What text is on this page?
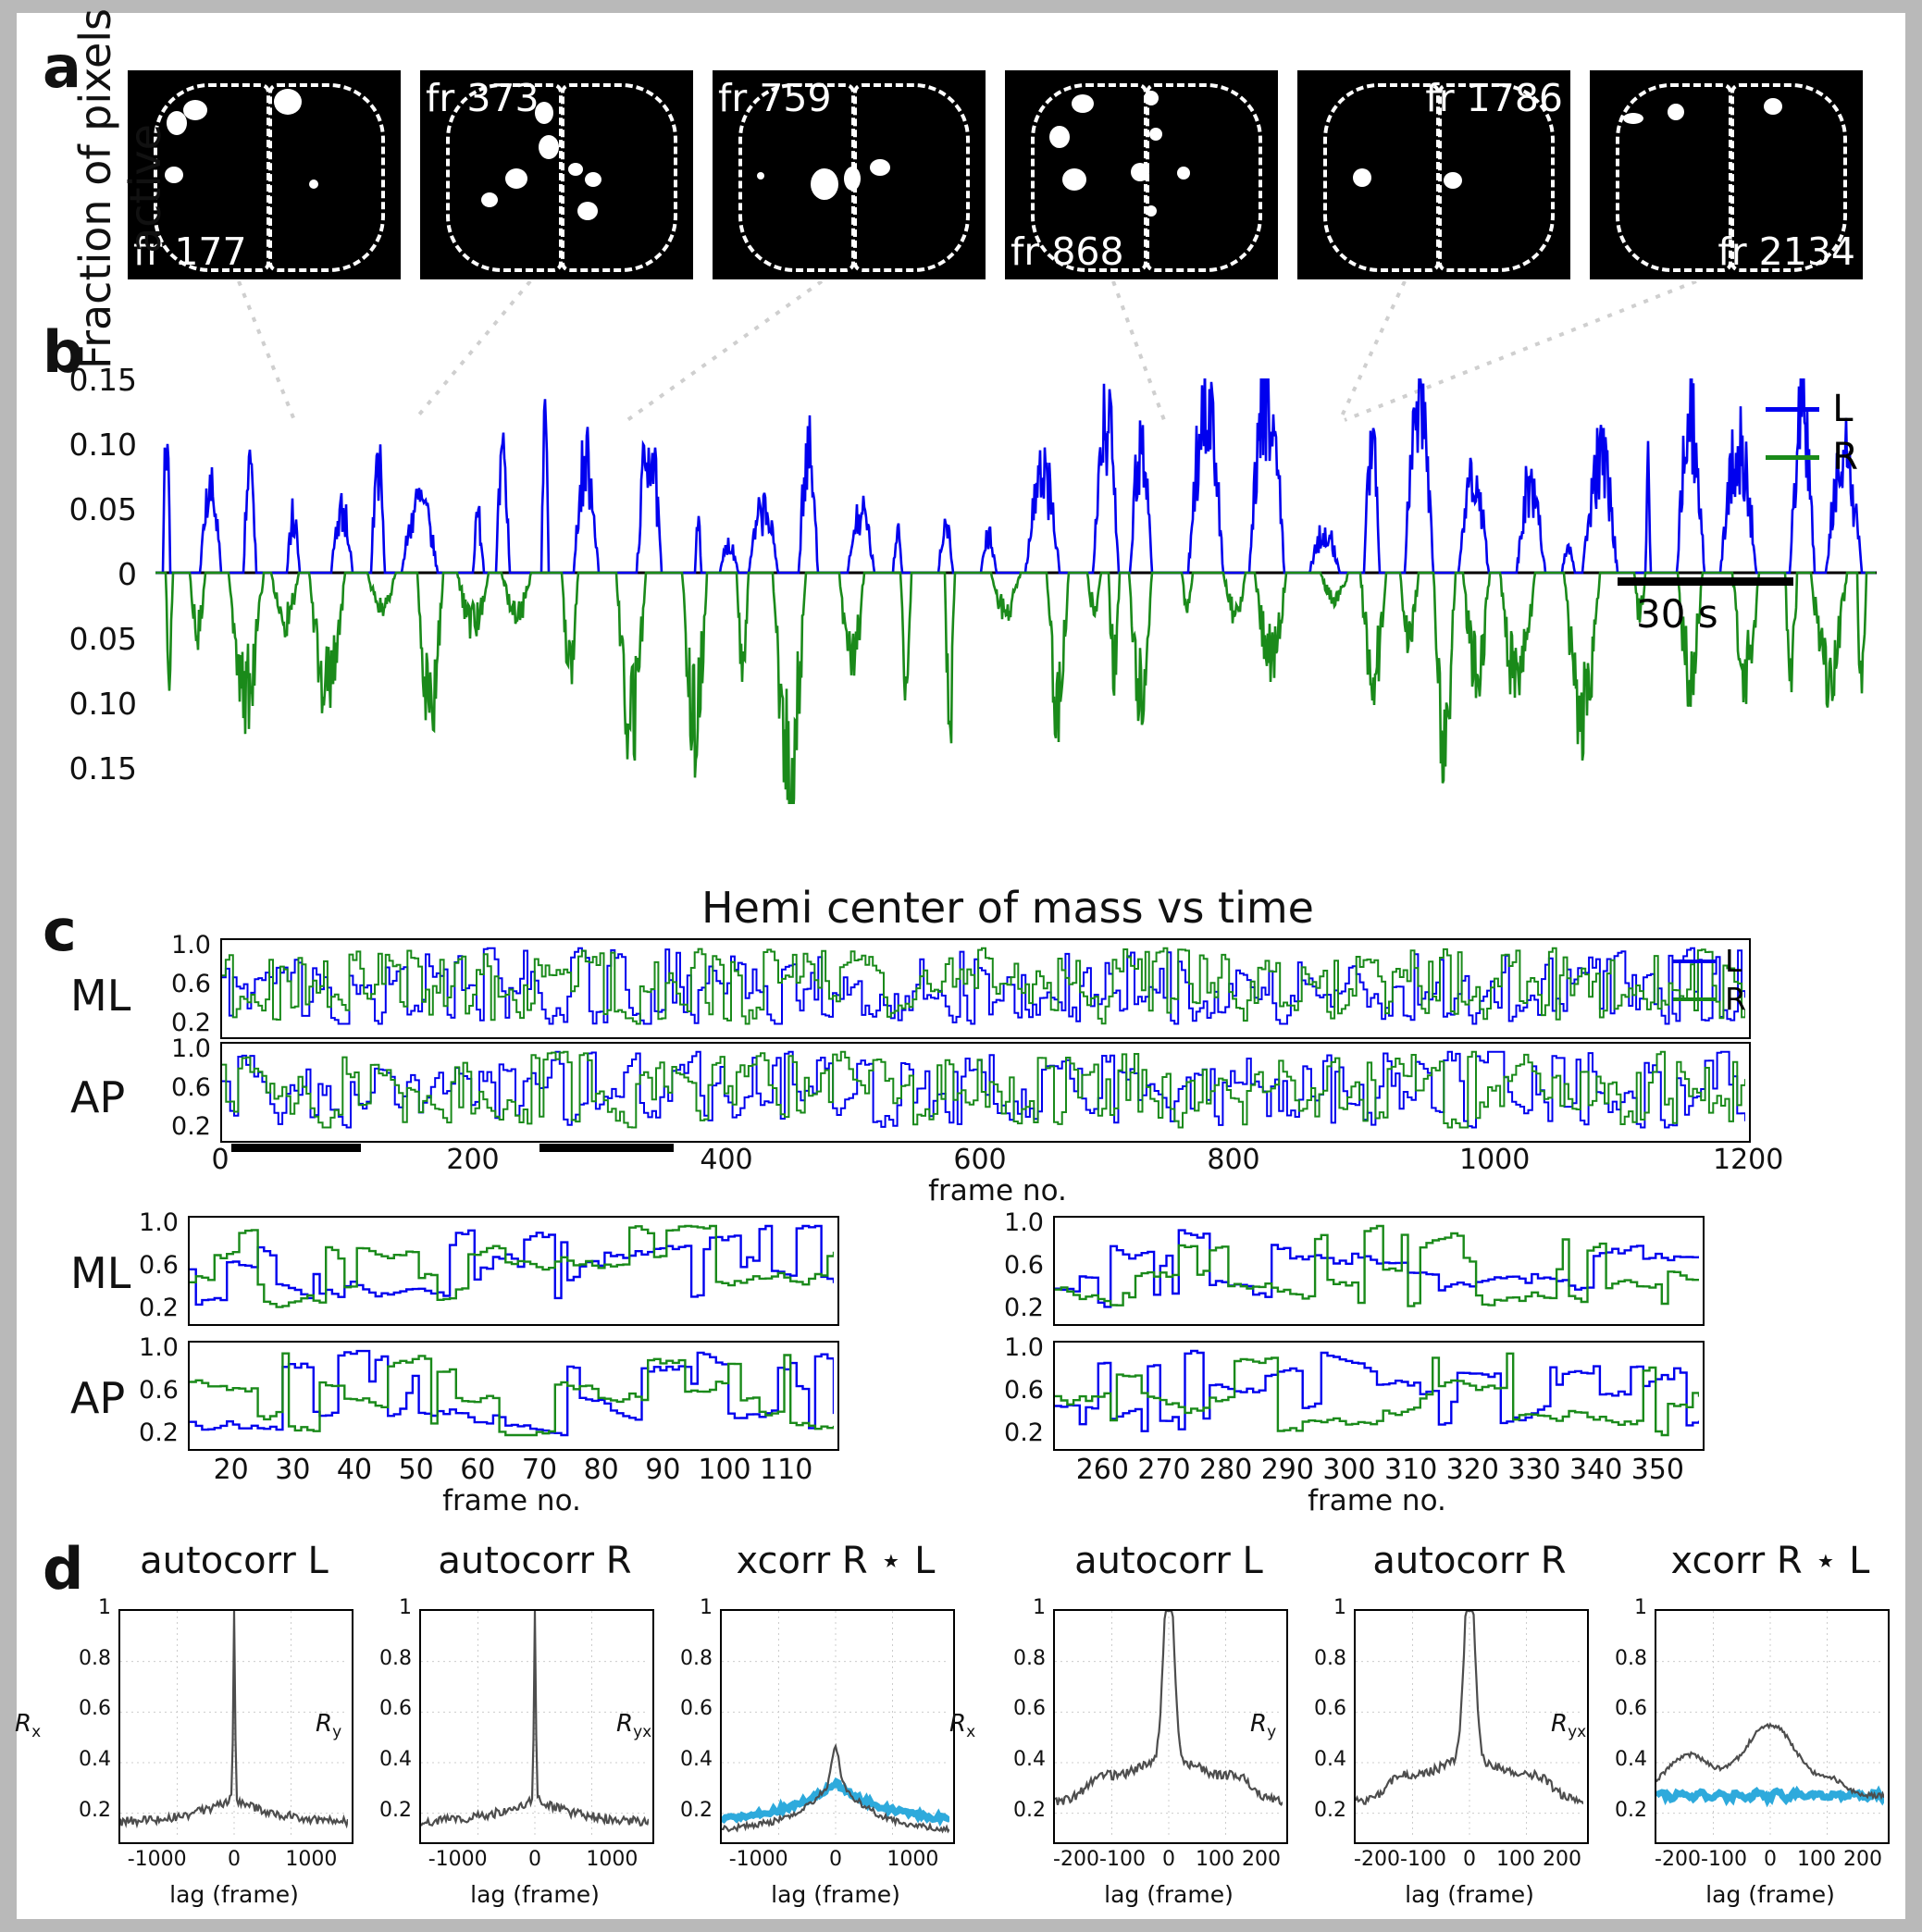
a
fr 177
fr 373	fr 759
fr 868
fr 1786
fr 2134
b
Fraction of pixels active
0.15
0.10
0.05
0
0.05
0.10
0.15
L
R
30 s
c	Hemi center of mass vs time
ML
1.0
0.6
0.2
AP
1.0
0.6
0.2
L
R
0	200	400	600	800	1000	1200
frame no.
ML
1.0
0.6
0.2
1.0
0.6
0.2
AP
1.0
0.6
0.2
1.0
0.6
0.2
20 30 40 50 60 70 80 90 100 110	260 270 280 290 300 310 320 330 340 350
frame no.	frame no.
d	autocorr L
1
0.8
0.6
0.4
0.2
-1000	0	1000
lag (frame)
$R_x$
autocorr R
1
0.8
0.6
0.4
0.2
-1000	0	1000
lag (frame)
$R_y$
xcorr R ⋆ L
1
0.8
0.6
0.4
0.2
-1000	0	1000
lag (frame)
$R_{yx}$
autocorr L
1
0.8
0.6
0.4
0.2
-200 -100 0	100 200
lag (frame)
$R_x$
autocorr R
1
0.8
0.6
0.4
0.2
-200 -100 0	100 200
lag (frame)
$R_y$
xcorr R ⋆ L
1
0.8
0.6
0.4
0.2
-200 -100 0	100 200
lag (frame)
$R_{yx}$
